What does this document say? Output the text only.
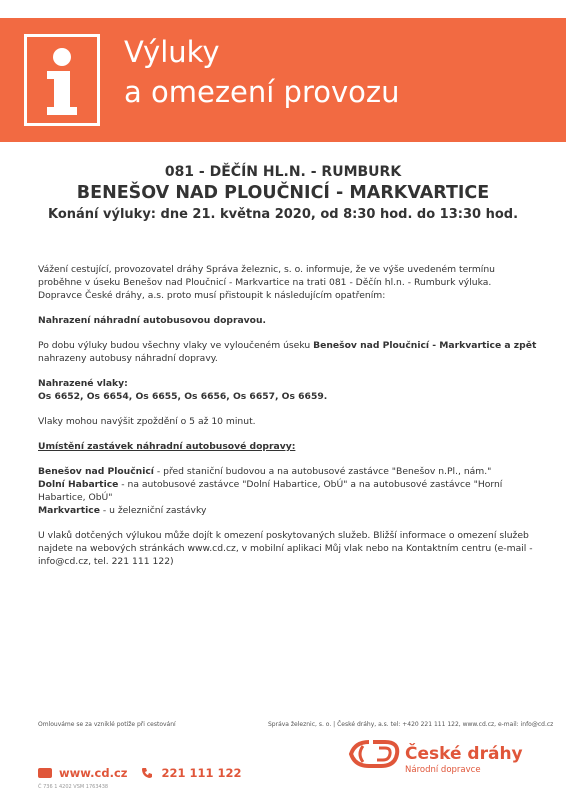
Výluky
a omezení provozu
081 - DĚČÍN HL.N. - RUMBURK
BENEŠOV NAD PLOUČNICÍ - MARKVARTICE
Konání výluky: dne 21. května 2020, od 8:30 hod. do 13:30 hod.

Vážení cestující, provozovatel dráhy Správa železnic, s. o. informuje, že ve výše uvedeném termínu proběhne v úseku Benešov nad Ploučnicí - Markvartice na trati 081 - Děčín hl.n. - Rumburk výluka. Dopravce České dráhy, a.s. proto musí přistoupit k následujícím opatřením:

Nahrazení náhradní autobusovou dopravou.

Po dobu výluky budou všechny vlaky ve vyloučeném úseku Benešov nad Ploučnicí - Markvartice a zpět nahrazeny autobusy náhradní dopravy.

Nahrazené vlaky:

Os 6652, Os 6654, Os 6655, Os 6656, Os 6657, Os 6659.

Vlaky mohou navýšit zpoždění o 5 až 10 minut.

Umístění zastávek náhradní autobusové dopravy:

Benešov nad Ploučnicí - před staniční budovou a na autobusové zastávce "Benešov n.Pl., nám."

Dolní Habartice - na autobusové zastávce "Dolní Habartice, ObÚ" a na autobusové zastávce "Horní Habartice, ObÚ"

Markvartice - u železniční zastávky

U vlaků dotčených výlukou může dojít k omezení poskytovaných služeb. Bližší informace o omezení služeb najdete na webových stránkách www.cd.cz, v mobilní aplikaci Můj vlak nebo na Kontaktním centru (e-mail - info@cd.cz, tel. 221 111 122)

Omlouváme se za vzniklé potíže při cestování	Správa železnic, s. o. | České dráhy, a.s. tel: +420 221 111 122, www.cd.cz, e-mail: info@cd.cz
www.cd.cz	221 111 122
Č 736 1 4202 VSM 1763438
České dráhy
Národní dopravce
